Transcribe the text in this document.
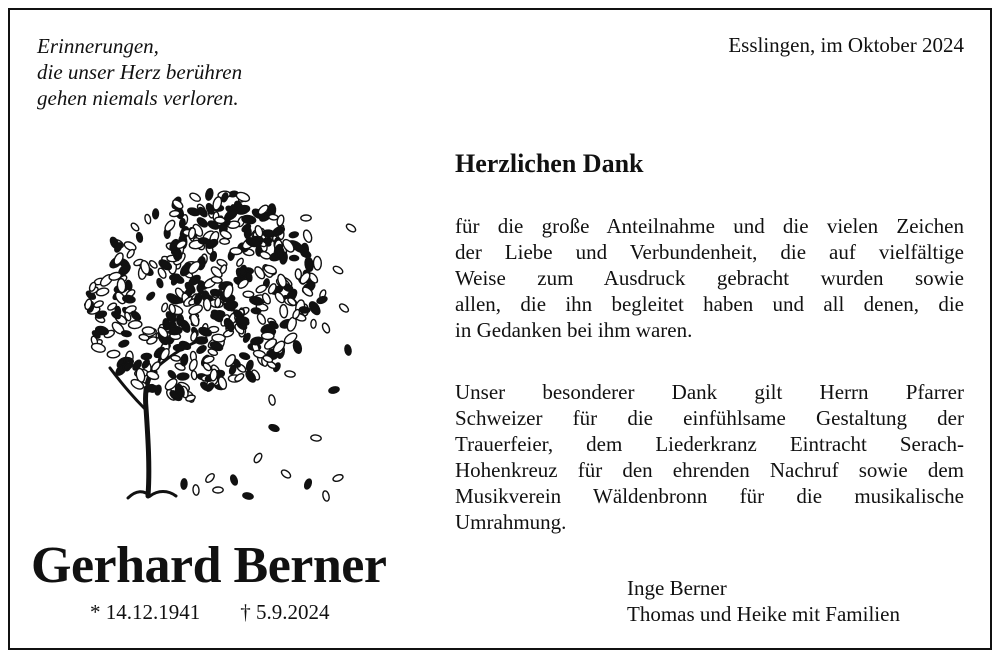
Erinnerungen,
die unser Herz berühren
gehen niemals verloren.
Esslingen, im Oktober 2024
Herzlichen Dank
für die große Anteilnahme und die vielen Zeichen
der Liebe und Verbundenheit, die auf vielfältige
Weise zum Ausdruck gebracht wurden sowie
allen, die ihn begleitet haben und all denen, die
in Gedanken bei ihm waren.
Unser besonderer Dank gilt Herrn Pfarrer
Schweizer für die einfühlsame Gestaltung der
Trauerfeier, dem Liederkranz Eintracht Serach-
Hohenkreuz für den ehrenden Nachruf sowie dem
Musikverein Wäldenbronn für die musikalische
Umrahmung.
Gerhard Berner
* 14.12.1941 † 5.9.2024
Inge Berner
Thomas und Heike mit Familien
